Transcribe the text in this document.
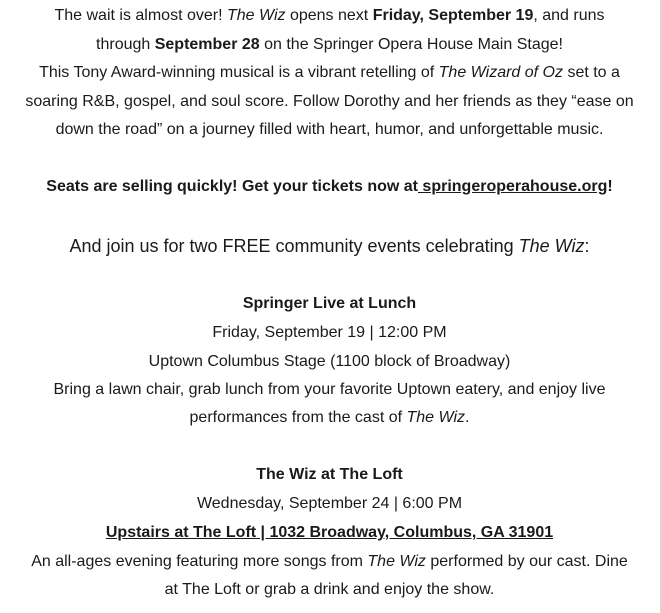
The wait is almost over! The Wiz opens next Friday, September 19, and runs
through September 28 on the Springer Opera House Main Stage!
This Tony Award-winning musical is a vibrant retelling of The Wizard of Oz set to a
soaring R&B, gospel, and soul score. Follow Dorothy and her friends as they “ease on
down the road” on a journey filled with heart, humor, and unforgettable music.
Seats are selling quickly! Get your tickets now at springeroperahouse.org!
And join us for two FREE community events celebrating The Wiz:
Springer Live at Lunch
Friday, September 19 | 12:00 PM
Uptown Columbus Stage (1100 block of Broadway)
Bring a lawn chair, grab lunch from your favorite Uptown eatery, and enjoy live
performances from the cast of The Wiz.
The Wiz at The Loft
Wednesday, September 24 | 6:00 PM
Upstairs at The Loft | 1032 Broadway, Columbus, GA 31901
An all-ages evening featuring more songs from The Wiz performed by our cast. Dine
at The Loft or grab a drink and enjoy the show.
